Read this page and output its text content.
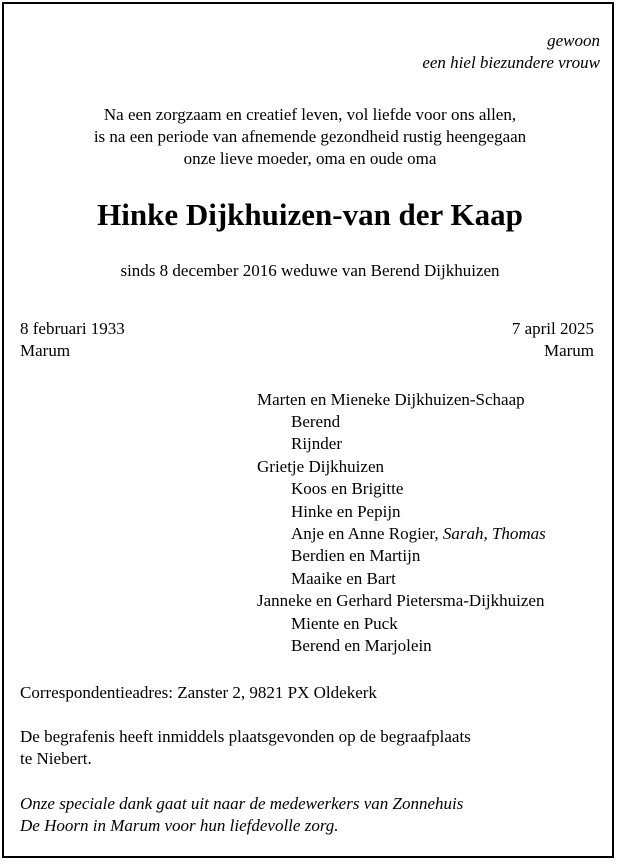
gewoon
een hiel biezundere vrouw
Na een zorgzaam en creatief leven, vol liefde voor ons allen,
is na een periode van afnemende gezondheid rustig heengegaan
onze lieve moeder, oma en oude oma
Hinke Dijkhuizen-van der Kaap
sinds 8 december 2016 weduwe van Berend Dijkhuizen
8 februari 1933
Marum
7 april 2025
Marum
Marten en Mieneke Dijkhuizen-Schaap
Berend
Rijnder
Grietje Dijkhuizen
Koos en Brigitte
Hinke en Pepijn
Anje en Anne Rogier, Sarah, Thomas
Berdien en Martijn
Maaike en Bart
Janneke en Gerhard Pietersma-Dijkhuizen
Miente en Puck
Berend en Marjolein
Correspondentieadres: Zanster 2, 9821 PX Oldekerk
De begrafenis heeft inmiddels plaatsgevonden op de begraafplaats
te Niebert.
Onze speciale dank gaat uit naar de medewerkers van Zonnehuis
De Hoorn in Marum voor hun liefdevolle zorg.
